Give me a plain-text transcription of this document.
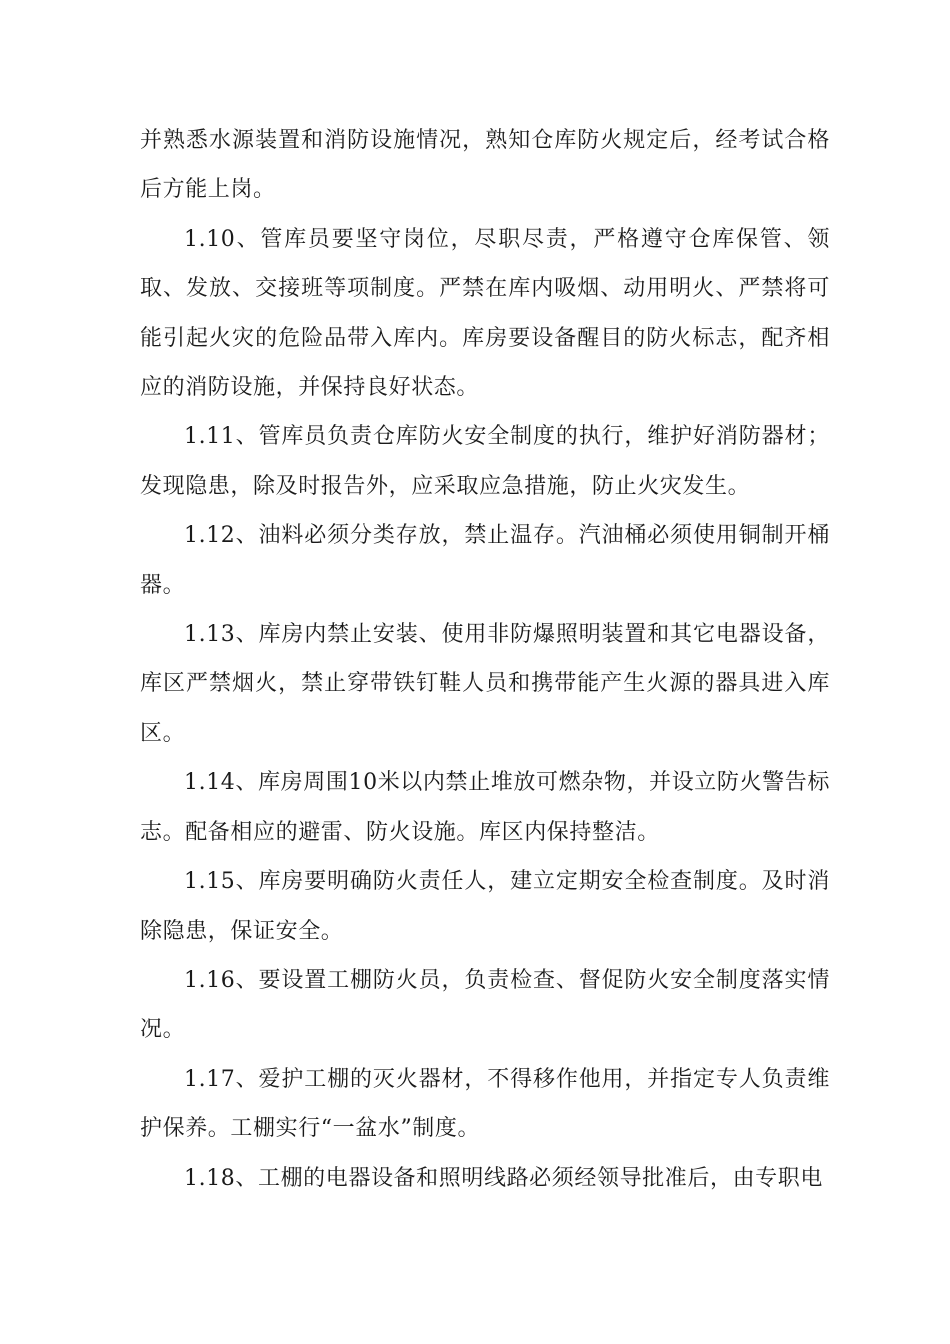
并熟悉水源装置和消防设施情况，熟知仓库防火规定后，经考试合格后方能上岗。

1.10、管库员要坚守岗位，尽职尽责，严格遵守仓库保管、领取、发放、交接班等项制度。严禁在库内吸烟、动用明火、严禁将可能引起火灾的危险品带入库内。库房要设备醒目的防火标志，配齐相应的消防设施，并保持良好状态。

1.11、管库员负责仓库防火安全制度的执行，维护好消防器材；发现隐患，除及时报告外，应采取应急措施，防止火灾发生。

1.12、油料必须分类存放，禁止温存。汽油桶必须使用铜制开桶器。

1.13、库房内禁止安装、使用非防爆照明装置和其它电器设备，库区严禁烟火，禁止穿带铁钉鞋人员和携带能产生火源的器具进入库区。

1.14、库房周围10米以内禁止堆放可燃杂物，并设立防火警告标志。配备相应的避雷、防火设施。库区内保持整洁。

1.15、库房要明确防火责任人，建立定期安全检查制度。及时消除隐患，保证安全。

1.16、要设置工棚防火员，负责检查、督促防火安全制度落实情况。

1.17、爱护工棚的灭火器材，不得移作他用，并指定专人负责维护保养。工棚实行“一盆水”制度。

1.18、工棚的电器设备和照明线路必须经领导批准后，由专职电
